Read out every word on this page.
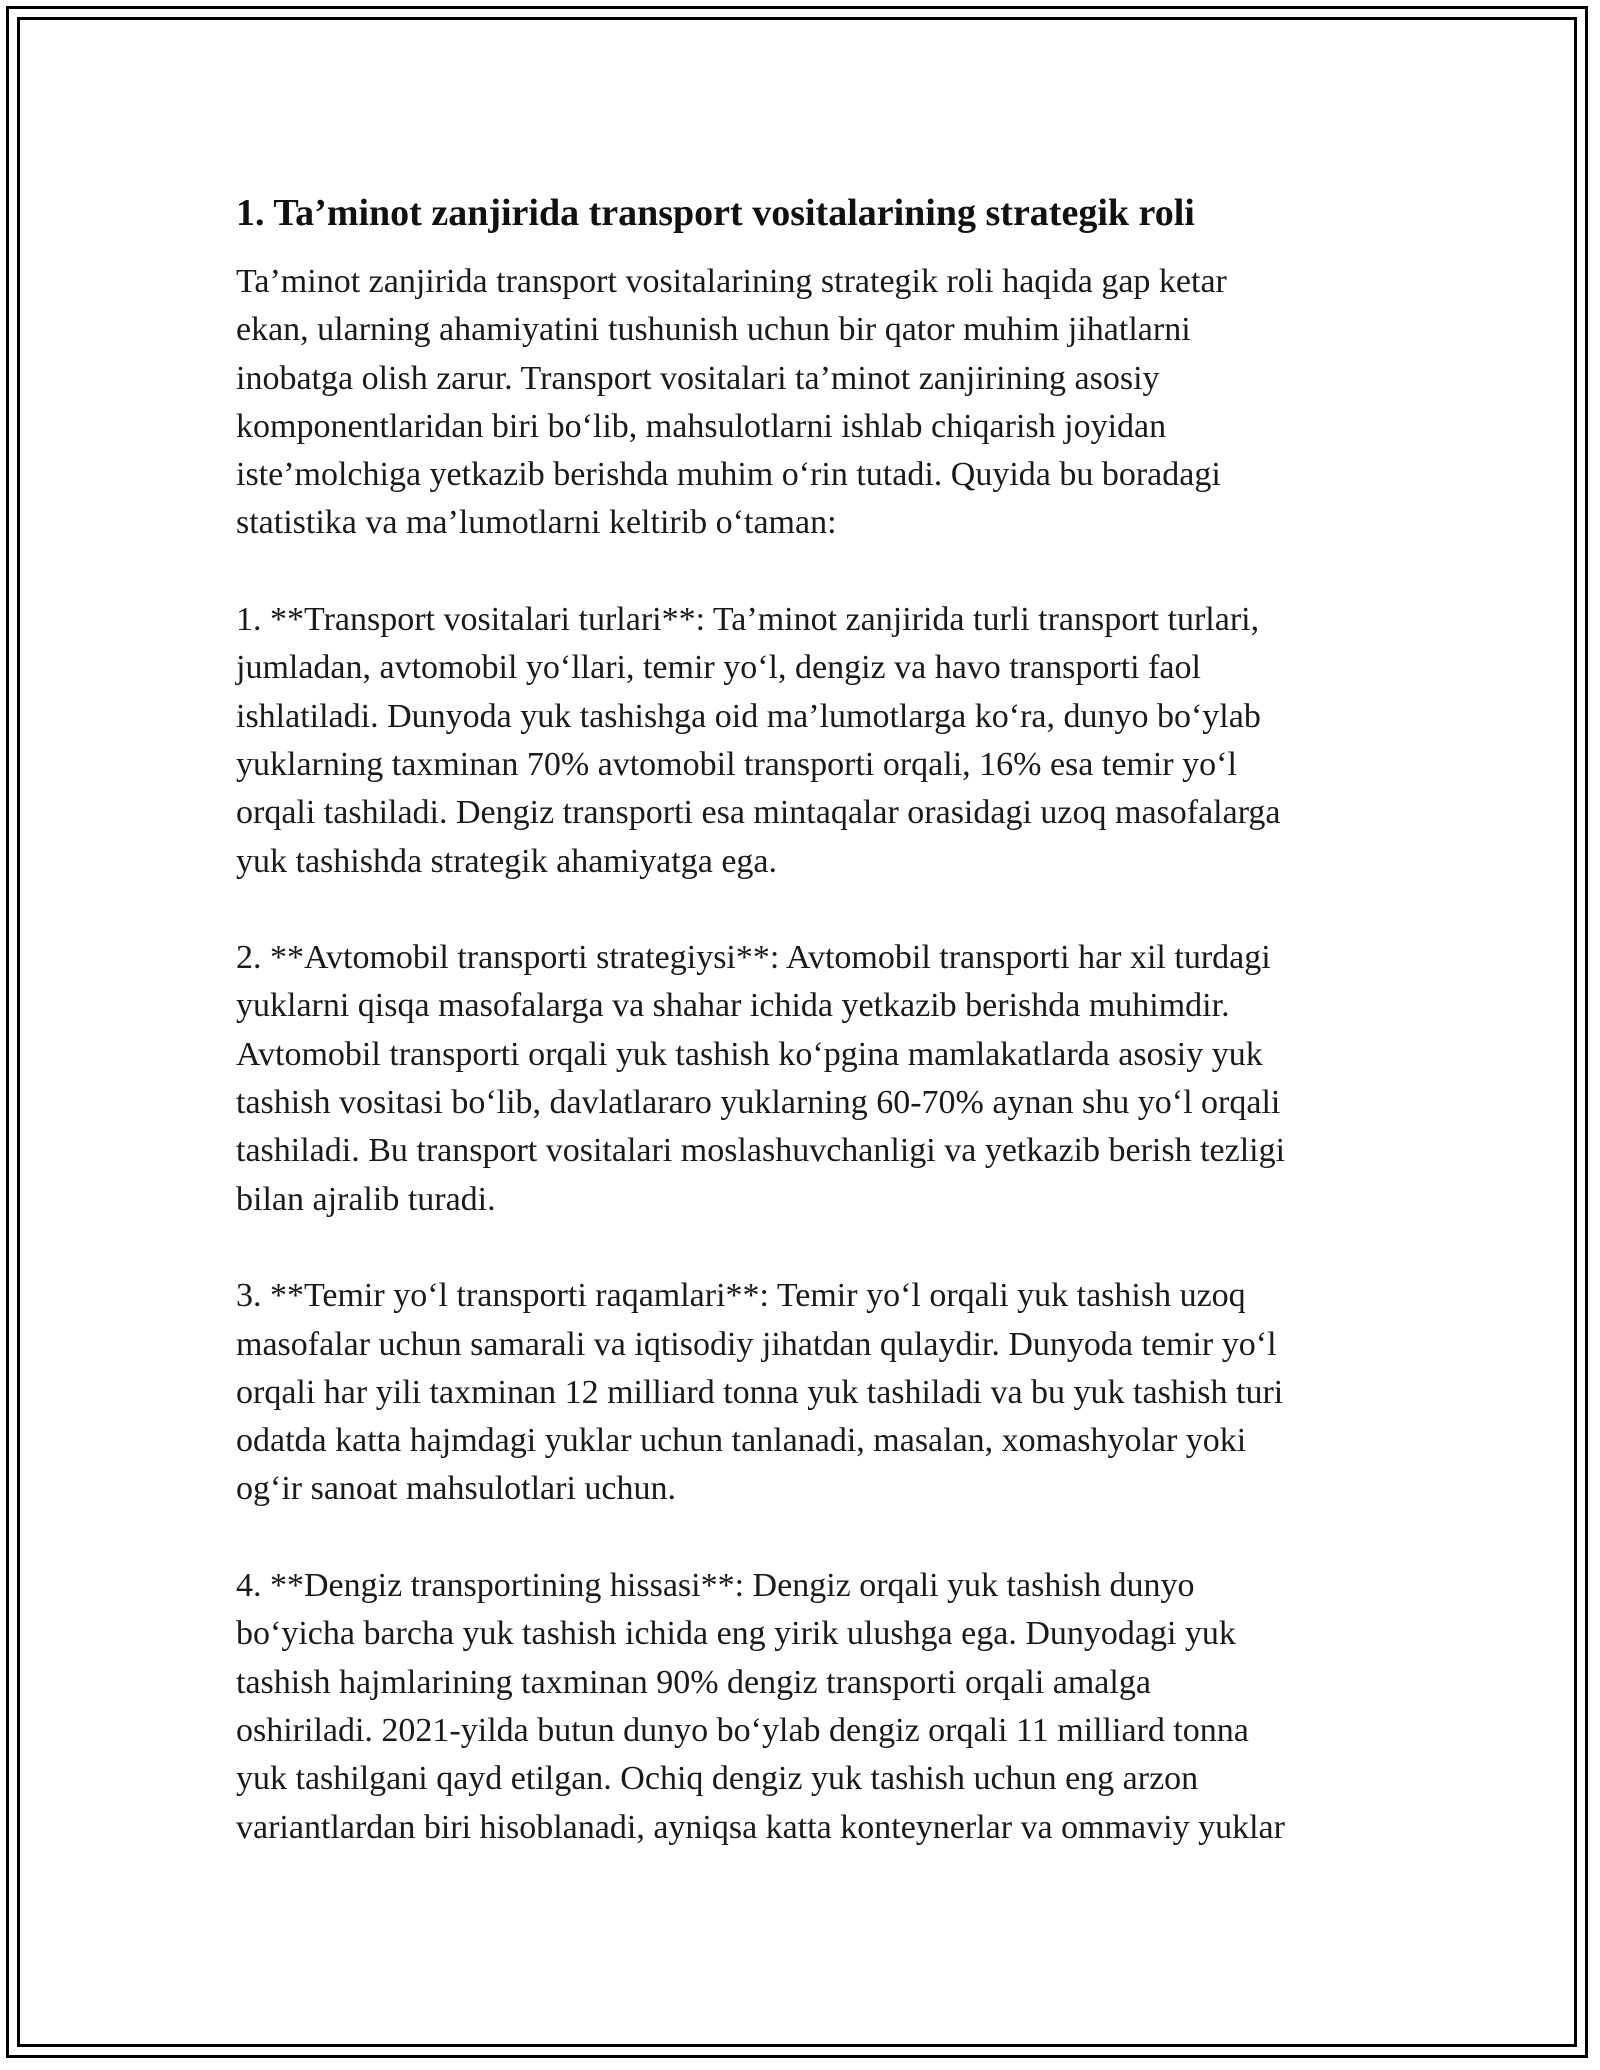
1. Ta’minot zanjirida transport vositalarining strategik roli

Ta’minot zanjirida transport vositalarining strategik roli haqida gap ketar
ekan, ularning ahamiyatini tushunish uchun bir qator muhim jihatlarni
inobatga olish zarur. Transport vositalari ta’minot zanjirining asosiy
komponentlaridan biri bo‘lib, mahsulotlarni ishlab chiqarish joyidan
iste’molchiga yetkazib berishda muhim o‘rin tutadi. Quyida bu boradagi
statistika va ma’lumotlarni keltirib o‘taman:

1. **Transport vositalari turlari**: Ta’minot zanjirida turli transport turlari,
jumladan, avtomobil yo‘llari, temir yo‘l, dengiz va havo transporti faol
ishlatiladi. Dunyoda yuk tashishga oid ma’lumotlarga ko‘ra, dunyo bo‘ylab
yuklarning taxminan 70% avtomobil transporti orqali, 16% esa temir yo‘l
orqali tashiladi. Dengiz transporti esa mintaqalar orasidagi uzoq masofalarga
yuk tashishda strategik ahamiyatga ega.

2. **Avtomobil transporti strategiysi**: Avtomobil transporti har xil turdagi
yuklarni qisqa masofalarga va shahar ichida yetkazib berishda muhimdir.
Avtomobil transporti orqali yuk tashish ko‘pgina mamlakatlarda asosiy yuk
tashish vositasi bo‘lib, davlatlararo yuklarning 60-70% aynan shu yo‘l orqali
tashiladi. Bu transport vositalari moslashuvchanligi va yetkazib berish tezligi
bilan ajralib turadi.

3. **Temir yo‘l transporti raqamlari**: Temir yo‘l orqali yuk tashish uzoq
masofalar uchun samarali va iqtisodiy jihatdan qulaydir. Dunyoda temir yo‘l
orqali har yili taxminan 12 milliard tonna yuk tashiladi va bu yuk tashish turi
odatda katta hajmdagi yuklar uchun tanlanadi, masalan, xomashyolar yoki
og‘ir sanoat mahsulotlari uchun.

4. **Dengiz transportining hissasi**: Dengiz orqali yuk tashish dunyo
bo‘yicha barcha yuk tashish ichida eng yirik ulushga ega. Dunyodagi yuk
tashish hajmlarining taxminan 90% dengiz transporti orqali amalga
oshiriladi. 2021-yilda butun dunyo bo‘ylab dengiz orqali 11 milliard tonna
yuk tashilgani qayd etilgan. Ochiq dengiz yuk tashish uchun eng arzon
variantlardan biri hisoblanadi, ayniqsa katta konteynerlar va ommaviy yuklar
